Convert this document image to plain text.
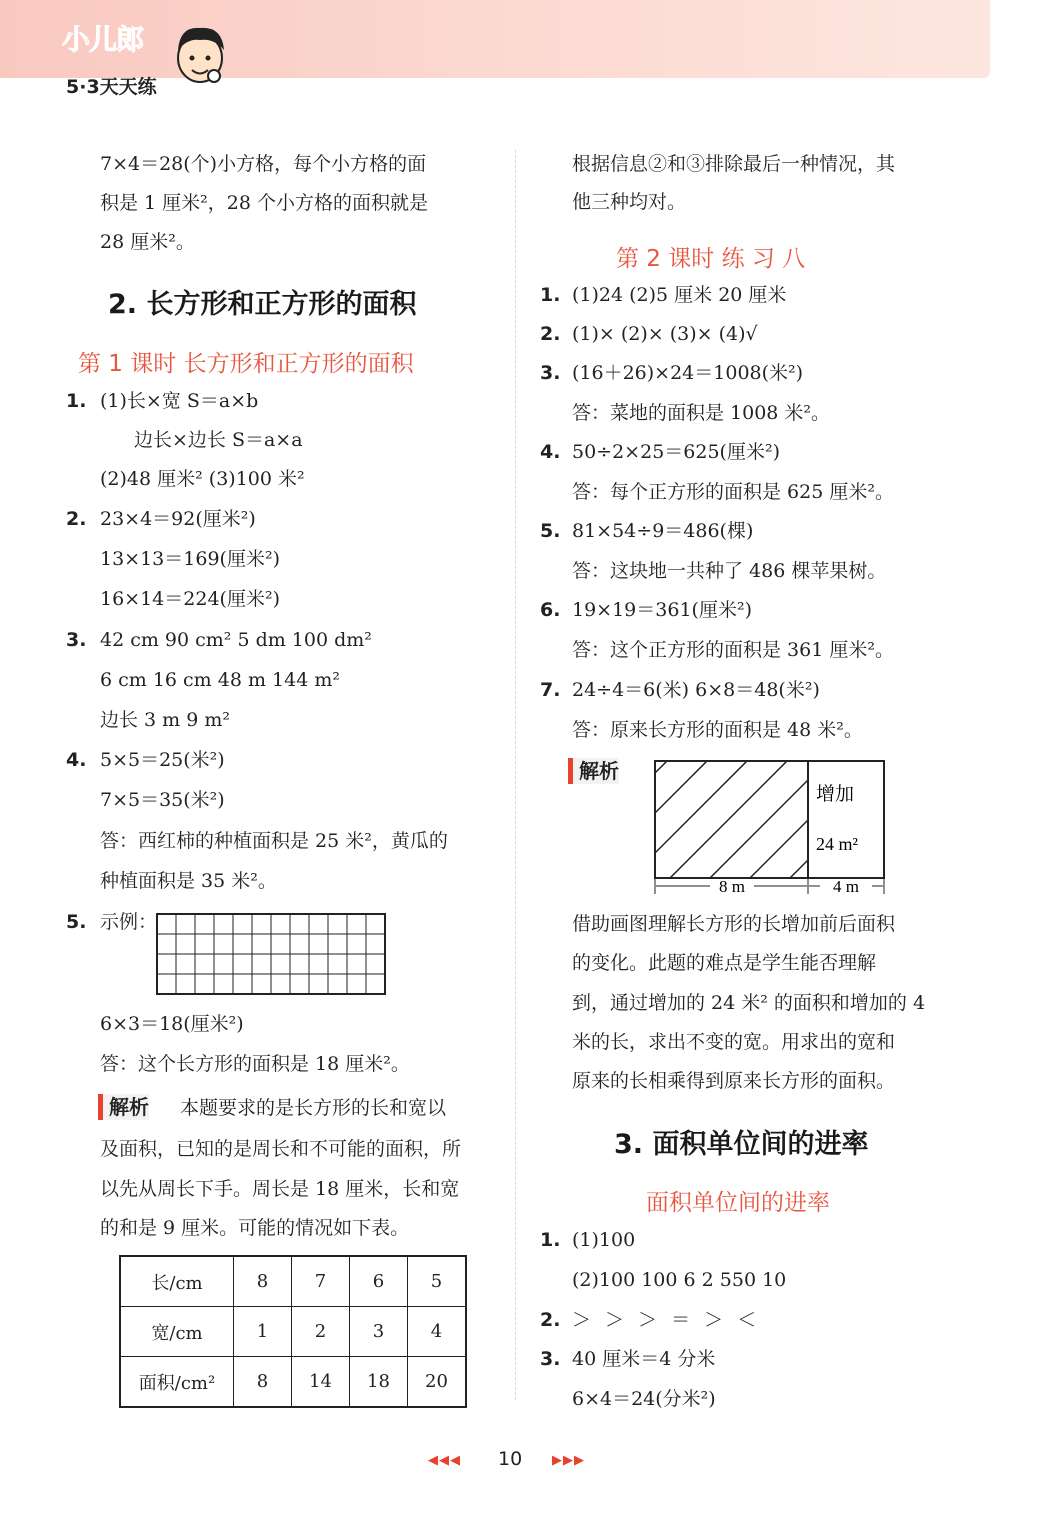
小儿郎
5·3天天练
7×4＝28(个)小方格，每个小方格的面
积是 1 厘米²，28 个小方格的面积就是
28 厘米²。
2. 长方形和正方形的面积
第 1 课时 长方形和正方形的面积
1. (1)长×宽 S＝a×b
边长×边长 S＝a×a
(2)48 厘米² (3)100 米²
2. 23×4＝92(厘米²)
13×13＝169(厘米²)
16×14＝224(厘米²)
3. 42 cm 90 cm² 5 dm 100 dm²
6 cm 16 cm 48 m 144 m²
边长 3 m 9 m²
4. 5×5＝25(米²)
7×5＝35(米²)
答：西红柿的种植面积是 25 米²，黄瓜的
种植面积是 35 米²。
5. 示例：
6×3＝18(厘米²)
答：这个长方形的面积是 18 厘米²。
解析 本题要求的是长方形的长和宽以
及面积，已知的是周长和不可能的面积，所
以先从周长下手。周长是 18 厘米，长和宽
的和是 9 厘米。可能的情况如下表。
长/cm	8	7	6	5
宽/cm	1	2	3	4
面积/cm²	8	14	18	20
根据信息②和③排除最后一种情况，其
他三种均对。
第 2 课时 练 习 八
1. (1)24 (2)5 厘米 20 厘米
2. (1)× (2)× (3)× (4)√
3. (16＋26)×24＝1008(米²)
答：菜地的面积是 1008 米²。
4. 50÷2×25＝625(厘米²)
答：每个正方形的面积是 625 厘米²。
5. 81×54÷9＝486(棵)
答：这块地一共种了 486 棵苹果树。
6. 19×19＝361(厘米²)
答：这个正方形的面积是 361 厘米²。
7. 24÷4＝6(米) 6×8＝48(米²)
答：原来长方形的面积是 48 米²。
解析
8 m	4 m
增加
24 m²
借助画图理解长方形的长增加前后面积
的变化。此题的难点是学生能否理解
到，通过增加的 24 米² 的面积和增加的 4
米的长，求出不变的宽。用求出的宽和
原来的长相乘得到原来长方形的面积。
3. 面积单位间的进率
面积单位间的进率
1. (1)100
(2)100 100 6 2 550 10
2. ＞ ＞ ＞ ＝ ＞ ＜
3. 40 厘米＝4 分米
6×4＝24(分米²)
◀◀◀ 10 ▶▶▶
